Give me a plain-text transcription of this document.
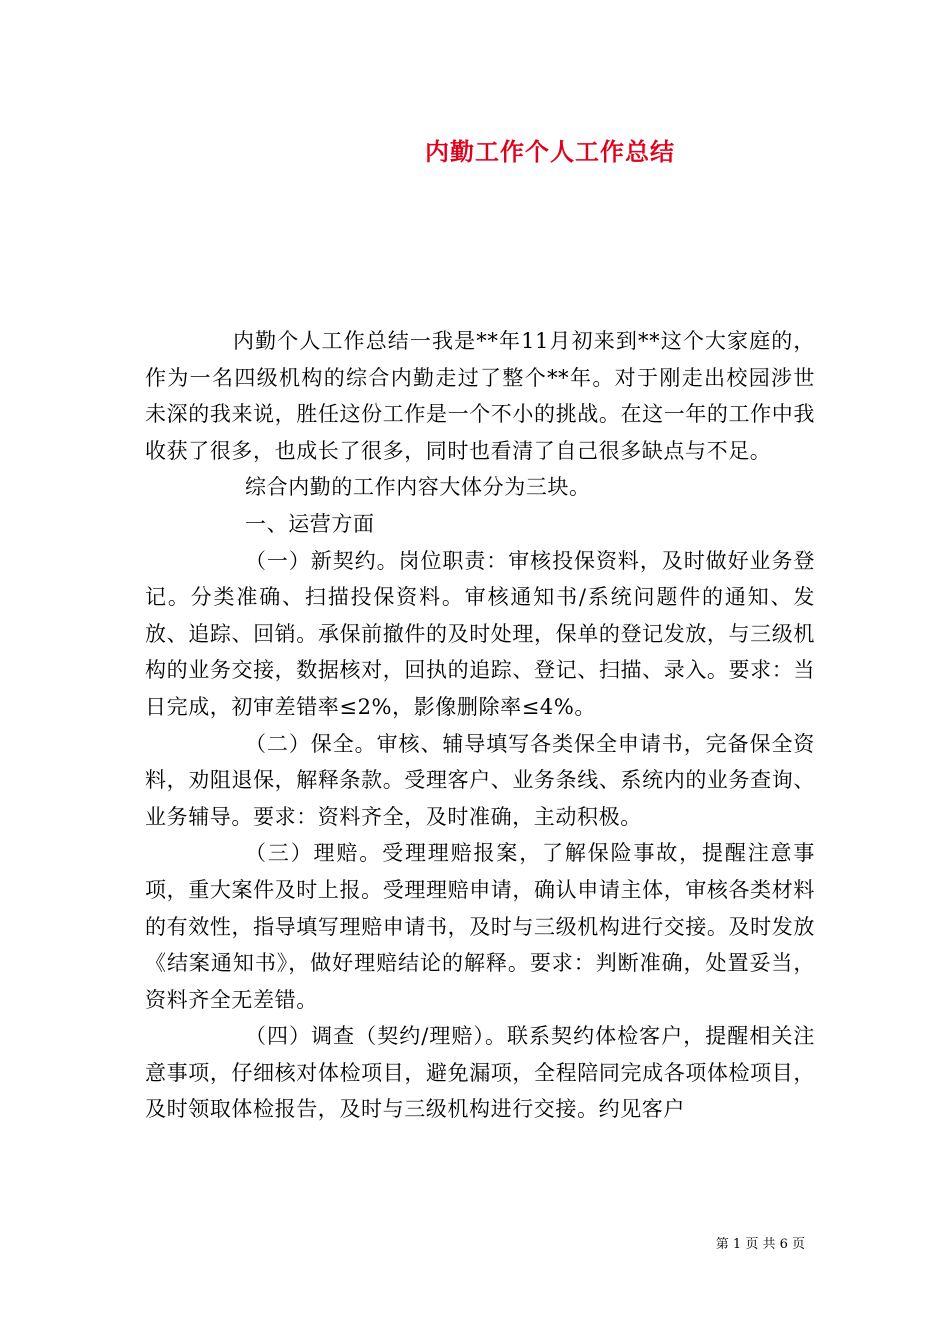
内勤工作个人工作总结

内勤个人工作总结一我是**年11月初来到**这个大家庭的，作为一名四级机构的综合内勤走过了整个**年。对于刚走出校园涉世未深的我来说，胜任这份工作是一个不小的挑战。在这一年的工作中我收获了很多，也成长了很多，同时也看清了自己很多缺点与不足。

综合内勤的工作内容大体分为三块。

一、运营方面

（一）新契约。岗位职责：审核投保资料，及时做好业务登记。分类准确、扫描投保资料。审核通知书/系统问题件的通知、发放、追踪、回销。承保前撤件的及时处理，保单的登记发放，与三级机构的业务交接，数据核对，回执的追踪、登记、扫描、录入。要求：当日完成，初审差错率≤2%，影像删除率≤4%。

（二）保全。审核、辅导填写各类保全申请书，完备保全资料，劝阻退保，解释条款。受理客户、业务条线、系统内的业务查询、业务辅导。要求：资料齐全，及时准确，主动积极。

（三）理赔。受理理赔报案，了解保险事故，提醒注意事项，重大案件及时上报。受理理赔申请，确认申请主体，审核各类材料的有效性，指导填写理赔申请书，及时与三级机构进行交接。及时发放《结案通知书》，做好理赔结论的解释。要求：判断准确，处置妥当，资料齐全无差错。

（四）调查（契约/理赔）。联系契约体检客户，提醒相关注意事项，仔细核对体检项目，避免漏项，全程陪同完成各项体检项目，及时领取体检报告，及时与三级机构进行交接。约见客户

第 1 页 共 6 页
